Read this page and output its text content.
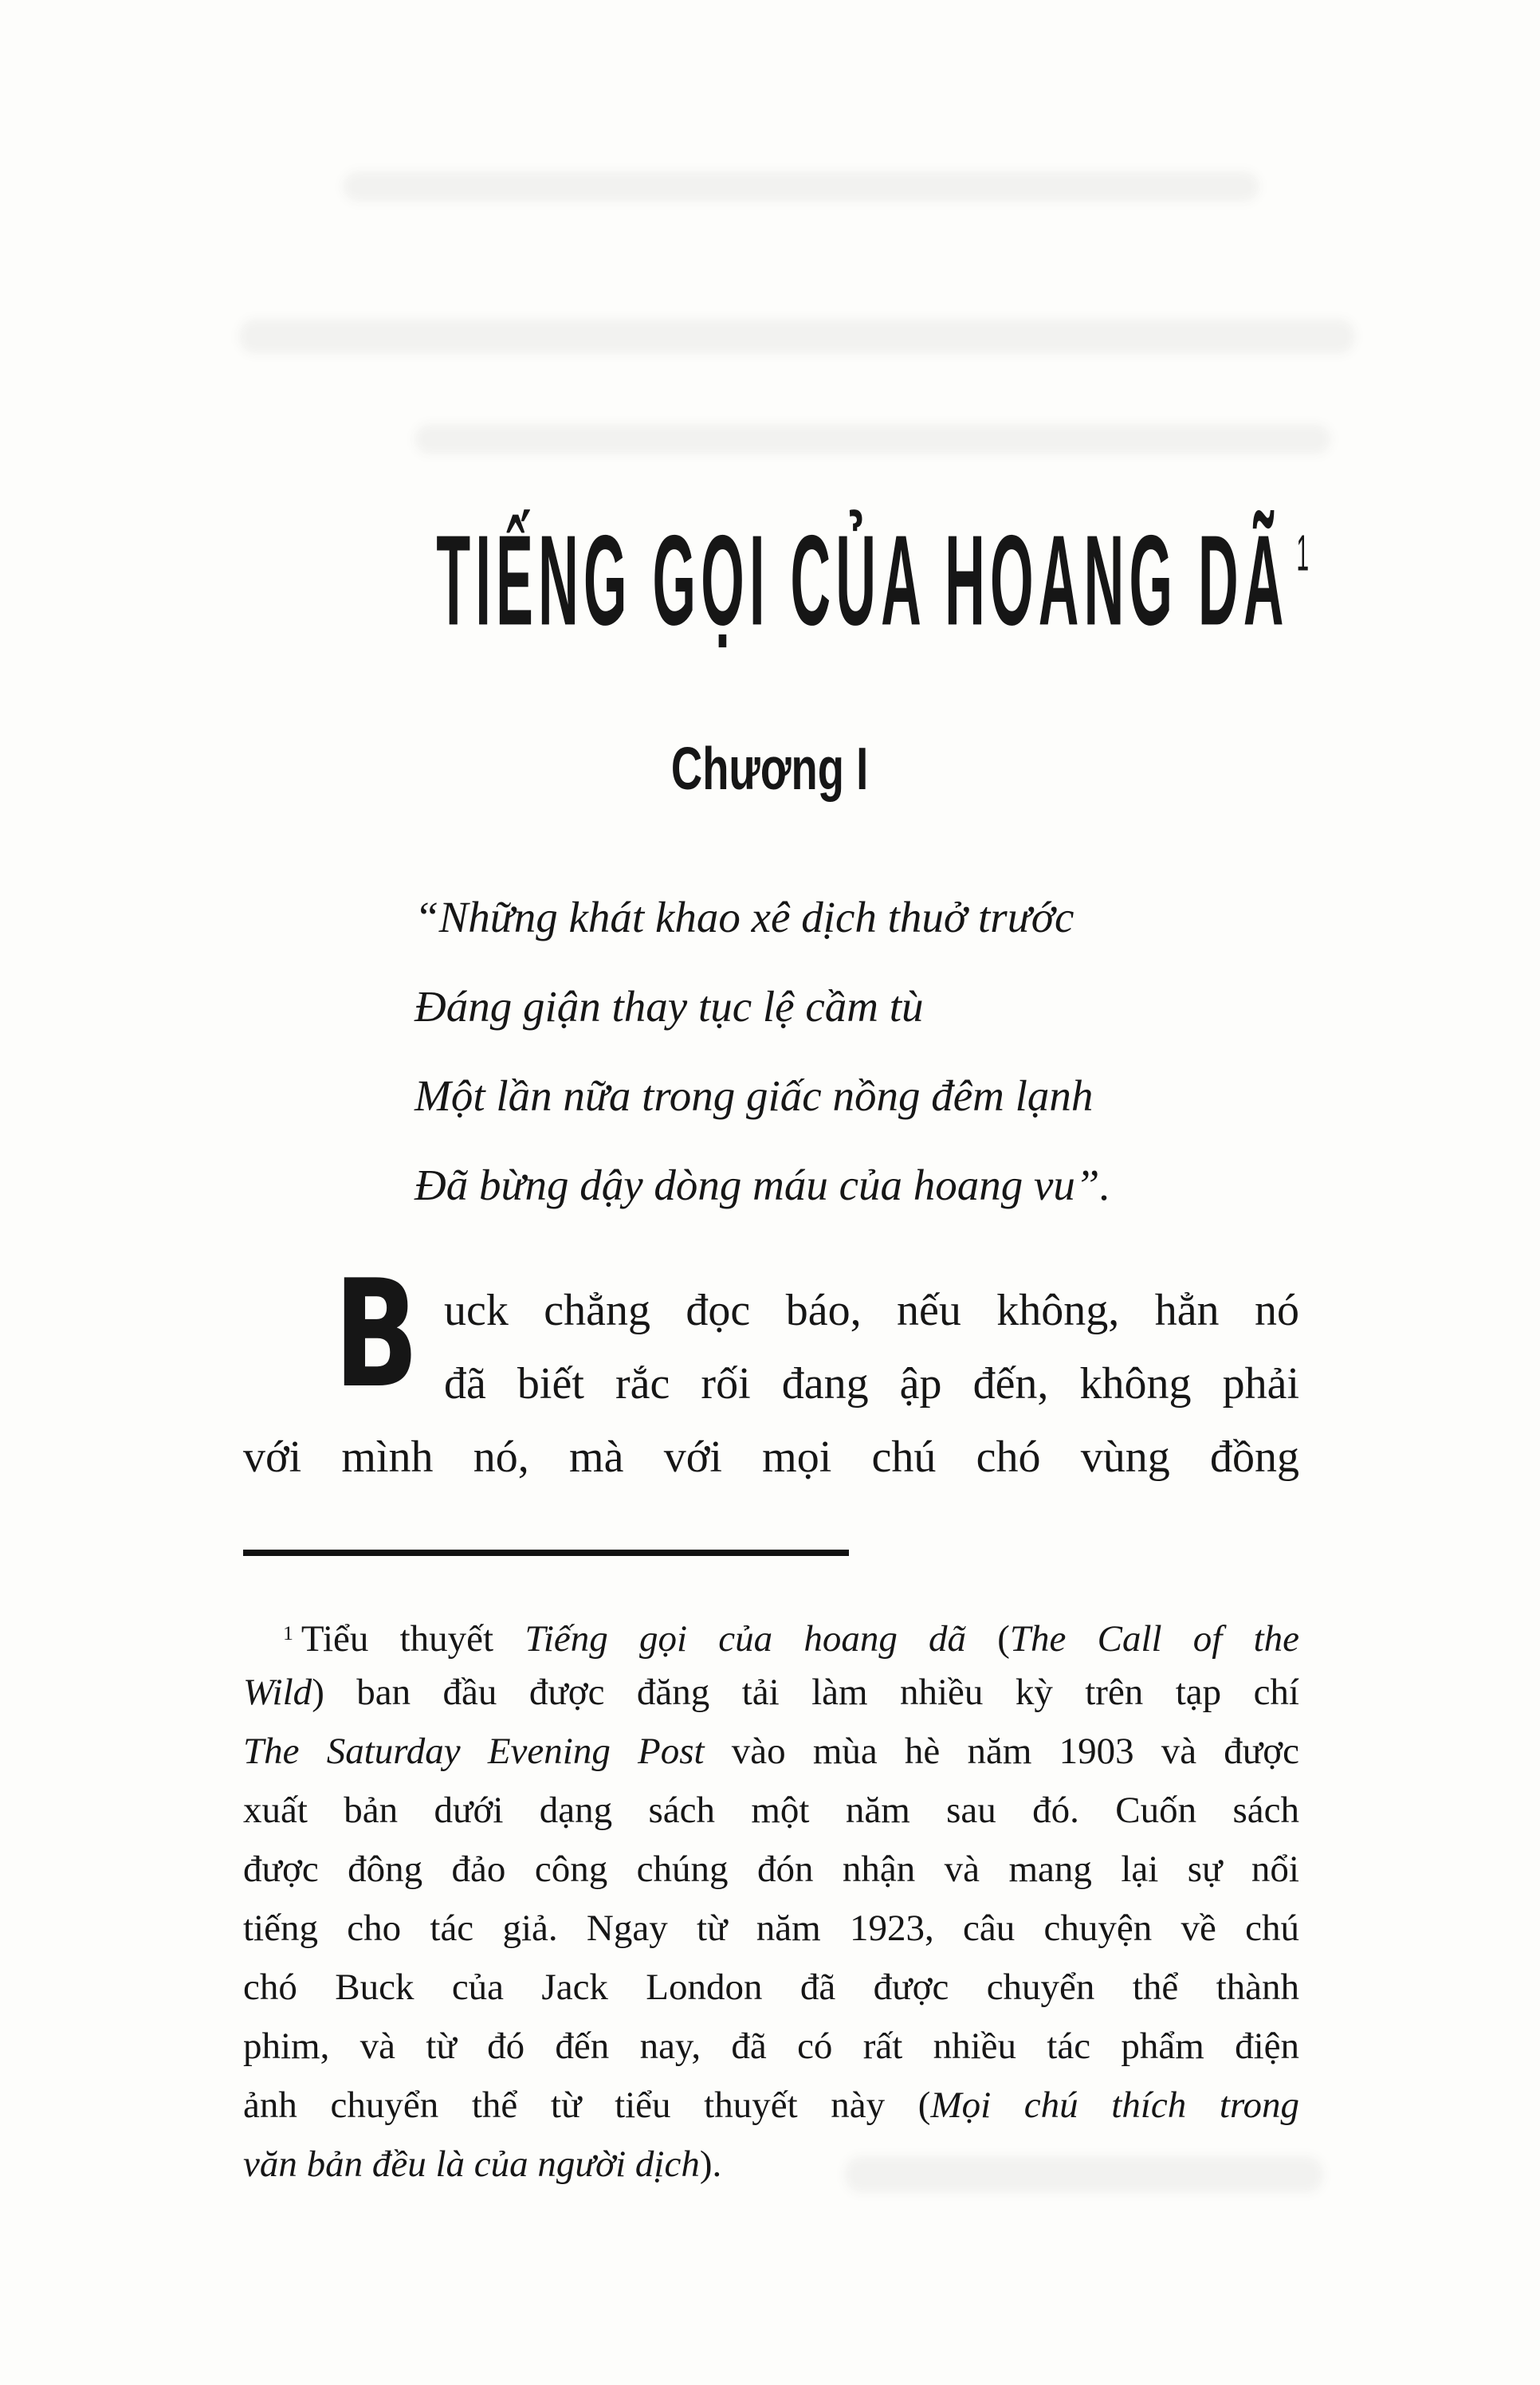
TIẾNG GỌI CỦA HOANG DÃ $^1$
Chương I
“Những khát khao xê dịch thuở trước
Đáng giận thay tục lệ cầm tù
Một lần nữa trong giấc nồng đêm lạnh
Đã bừng dậy dòng máu của hoang vu”.
B uck chẳng đọc báo, nếu không, hẳn nó
đã biết rắc rối đang ập đến, không phải
với mình nó, mà với mọi chú chó vùng đồng
$^1$ Tiểu thuyết Tiếng gọi của hoang dã (The Call of the
Wild) ban đầu được đăng tải làm nhiều kỳ trên tạp chí
The Saturday Evening Post vào mùa hè năm 1903 và được
xuất bản dưới dạng sách một năm sau đó. Cuốn sách
được đông đảo công chúng đón nhận và mang lại sự nổi
tiếng cho tác giả. Ngay từ năm 1923, câu chuyện về chú
chó Buck của Jack London đã được chuyển thể thành
phim, và từ đó đến nay, đã có rất nhiều tác phẩm điện
ảnh chuyển thể từ tiểu thuyết này (Mọi chú thích trong
văn bản đều là của người dịch).
